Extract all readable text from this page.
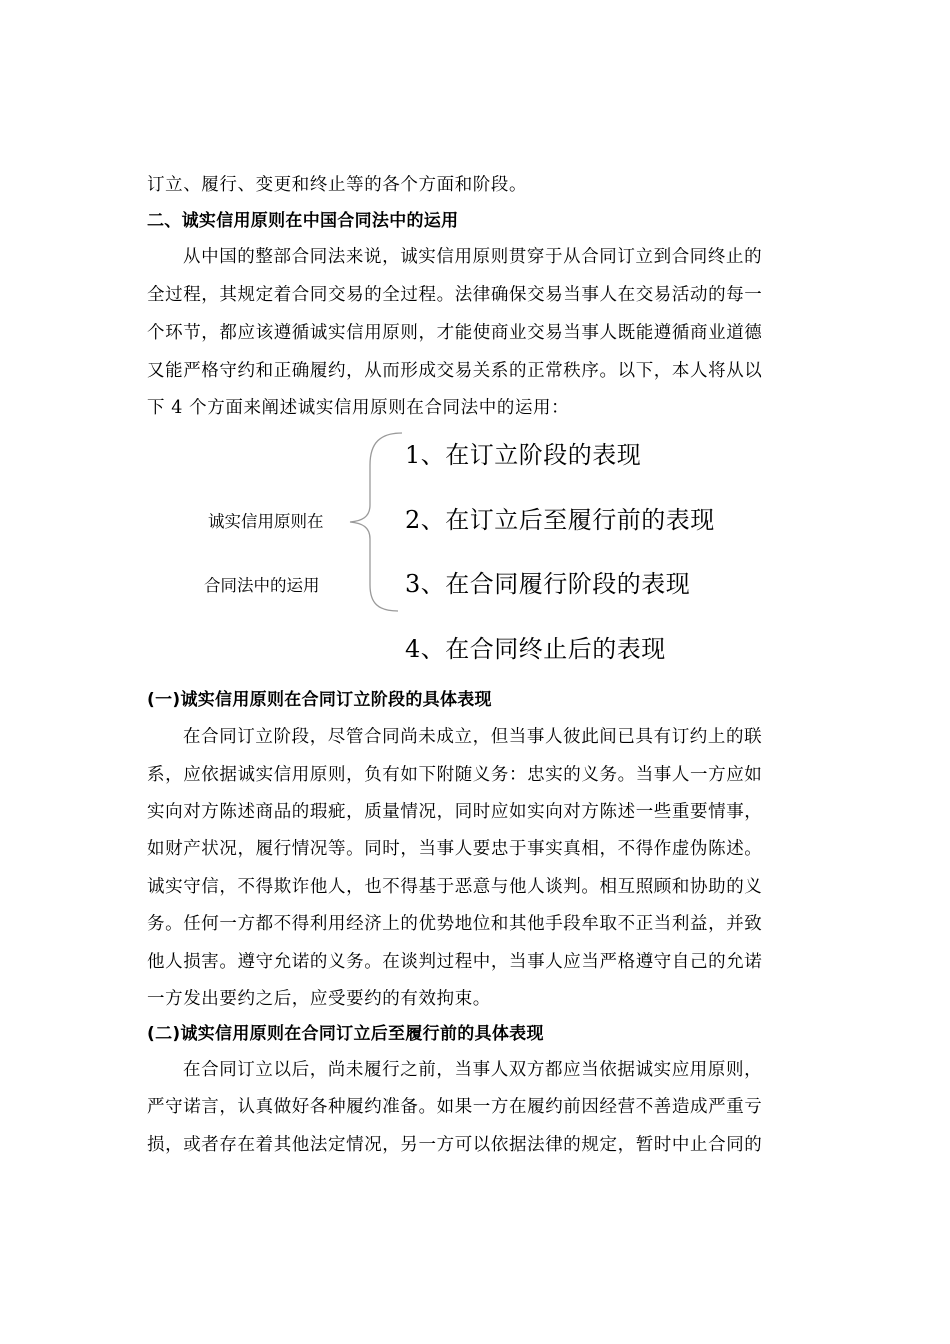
订立、履行、变更和终止等的各个方面和阶段。
二、诚实信用原则在中国合同法中的运用
从中国的整部合同法来说，诚实信用原则贯穿于从合同订立到合同终止的
全过程，其规定着合同交易的全过程。法律确保交易当事人在交易活动的每一
个环节，都应该遵循诚实信用原则，才能使商业交易当事人既能遵循商业道德
又能严格守约和正确履约，从而形成交易关系的正常秩序。以下，本人将从以
下 4 个方面来阐述诚实信用原则在合同法中的运用：
诚实信用原则在
合同法中的运用
1、在订立阶段的表现
2、在订立后至履行前的表现
3、在合同履行阶段的表现
4、在合同终止后的表现
(一)诚实信用原则在合同订立阶段的具体表现
在合同订立阶段，尽管合同尚未成立，但当事人彼此间已具有订约上的联
系，应依据诚实信用原则，负有如下附随义务：忠实的义务。当事人一方应如
实向对方陈述商品的瑕疵，质量情况，同时应如实向对方陈述一些重要情事，
如财产状况，履行情况等。同时，当事人要忠于事实真相，不得作虚伪陈述。
诚实守信，不得欺诈他人，也不得基于恶意与他人谈判。相互照顾和协助的义
务。任何一方都不得利用经济上的优势地位和其他手段牟取不正当利益，并致
他人损害。遵守允诺的义务。在谈判过程中，当事人应当严格遵守自己的允诺
一方发出要约之后，应受要约的有效拘束。
(二)诚实信用原则在合同订立后至履行前的具体表现
在合同订立以后，尚未履行之前，当事人双方都应当依据诚实应用原则，
严守诺言，认真做好各种履约准备。如果一方在履约前因经营不善造成严重亏
损，或者存在着其他法定情况，另一方可以依据法律的规定，暂时中止合同的
